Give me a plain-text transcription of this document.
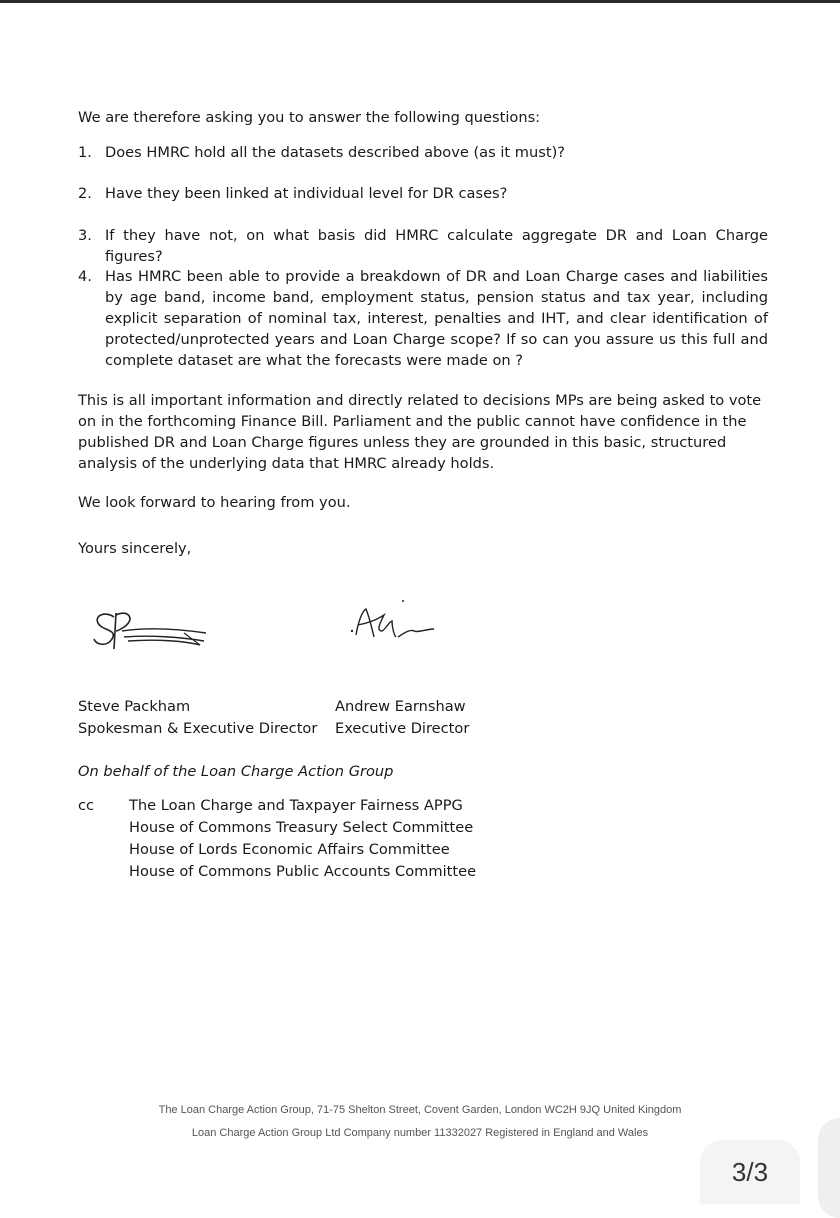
We are therefore asking you to answer the following questions:
1. Does HMRC hold all the datasets described above (as it must)?
2. Have they been linked at individual level for DR cases?
3. If they have not, on what basis did HMRC calculate aggregate DR and Loan Charge figures?
4. Has HMRC been able to provide a breakdown of DR and Loan Charge cases and liabilities by age band, income band, employment status, pension status and tax year, including explicit separation of nominal tax, interest, penalties and IHT, and clear identification of protected/unprotected years and Loan Charge scope? If so can you assure us this full and complete dataset are what the forecasts were made on ?
This is all important information and directly related to decisions MPs are being asked to vote on in the forthcoming Finance Bill. Parliament and the public cannot have confidence in the published DR and Loan Charge figures unless they are grounded in this basic, structured analysis of the underlying data that HMRC already holds.
We look forward to hearing from you.
Yours sincerely,
Steve Packham
Spokesman & Executive Director
Andrew Earnshaw
Executive Director
On behalf of the Loan Charge Action Group
cc	The Loan Charge and Taxpayer Fairness APPG
House of Commons Treasury Select Committee
House of Lords Economic Affairs Committee
House of Commons Public Accounts Committee
The Loan Charge Action Group, 71-75 Shelton Street, Covent Garden, London WC2H 9JQ United Kingdom
Loan Charge Action Group Ltd Company number 11332027 Registered in England and Wales
3/3
